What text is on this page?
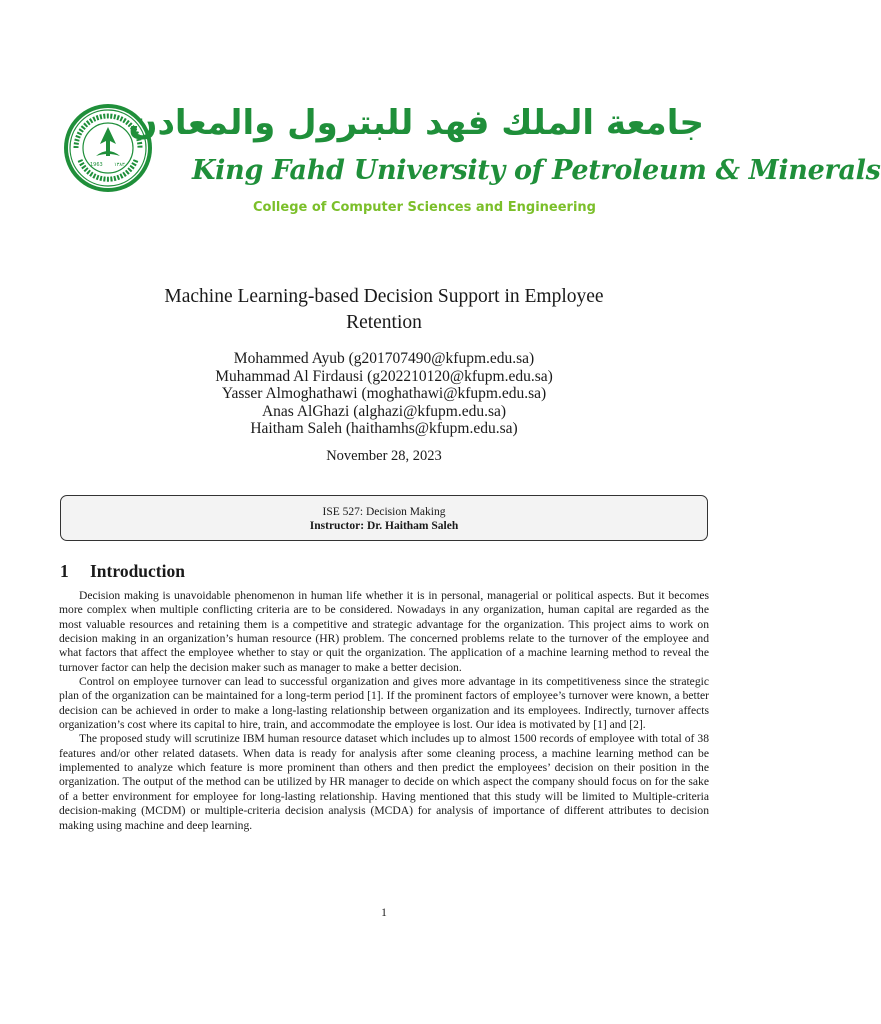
1963 ١٣٨٣
جامعة الملك فهد للبترول والمعادن
King Fahd University of Petroleum & Minerals
College of Computer Sciences and Engineering
Machine Learning-based Decision Support in Employee
Retention
Mohammed Ayub (g201707490@kfupm.edu.sa)
Muhammad Al Firdausi (g202210120@kfupm.edu.sa)
Yasser Almoghathawi (moghathawi@kfupm.edu.sa)
Anas AlGhazi (alghazi@kfupm.edu.sa)
Haitham Saleh (haithamhs@kfupm.edu.sa)
November 28, 2023
ISE 527: Decision Making
Instructor: Dr. Haitham Saleh
1 Introduction

Decision making is unavoidable phenomenon in human life whether it is in personal, managerial or political aspects. But it becomes more complex when multiple conflicting criteria are to be considered. Nowadays in any organization, human capital are regarded as the most valuable resources and retaining them is a competitive and strategic advantage for the organization. This project aims to work on decision making in an organization’s human resource (HR) problem. The concerned problems relate to the turnover of the employee and what factors that affect the employee whether to stay or quit the organization. The application of a machine learning method to reveal the turnover factor can help the decision maker such as manager to make a better decision.

Control on employee turnover can lead to successful organization and gives more advantage in its competitiveness since the strategic plan of the organization can be maintained for a long-term period [1]. If the prominent factors of employee’s turnover were known, a better decision can be achieved in order to make a long-lasting relationship between organization and its employees. Indirectly, turnover affects organization’s cost where its capital to hire, train, and accommodate the employee is lost. Our idea is motivated by [1] and [2].

The proposed study will scrutinize IBM human resource dataset which includes up to almost 1500 records of employee with total of 38 features and/or other related datasets. When data is ready for analysis after some cleaning process, a machine learning method can be implemented to analyze which feature is more prominent than others and then predict the employees’ decision on their position in the organization. The output of the method can be utilized by HR manager to decide on which aspect the company should focus on for the sake of a better environment for employee for long-lasting relationship. Having mentioned that this study will be limited to Multiple-criteria decision-making (MCDM) or multiple-criteria decision analysis (MCDA) for analysis of importance of different attributes to decision making using machine and deep learning.

1
